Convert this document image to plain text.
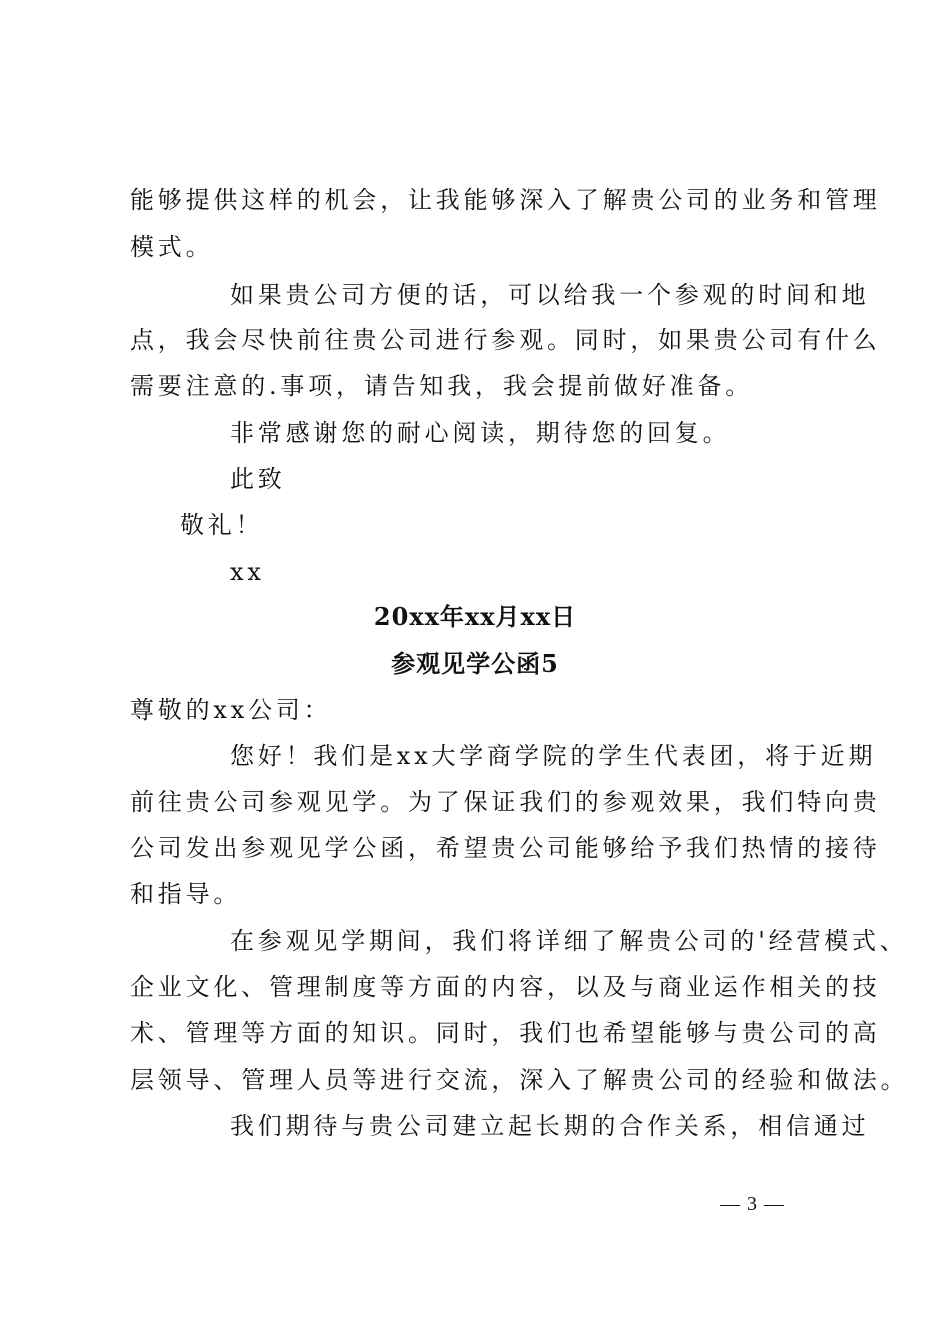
能够提供这样的机会，让我能够深入了解贵公司的业务和管理
模式。
如果贵公司方便的话，可以给我一个参观的时间和地
点，我会尽快前往贵公司进行参观。同时，如果贵公司有什么
需要注意的.事项，请告知我，我会提前做好准备。
非常感谢您的耐心阅读，期待您的回复。
此致
敬礼！
xx
20xx年xx月xx日
参观见学公函5
尊敬的xx公司：
您好！我们是xx大学商学院的学生代表团，将于近期
前往贵公司参观见学。为了保证我们的参观效果，我们特向贵
公司发出参观见学公函，希望贵公司能够给予我们热情的接待
和指导。
在参观见学期间，我们将详细了解贵公司的'经营模式、
企业文化、管理制度等方面的内容，以及与商业运作相关的技
术、管理等方面的知识。同时，我们也希望能够与贵公司的高
层领导、管理人员等进行交流，深入了解贵公司的经验和做法。
我们期待与贵公司建立起长期的合作关系，相信通过
— 3 —
